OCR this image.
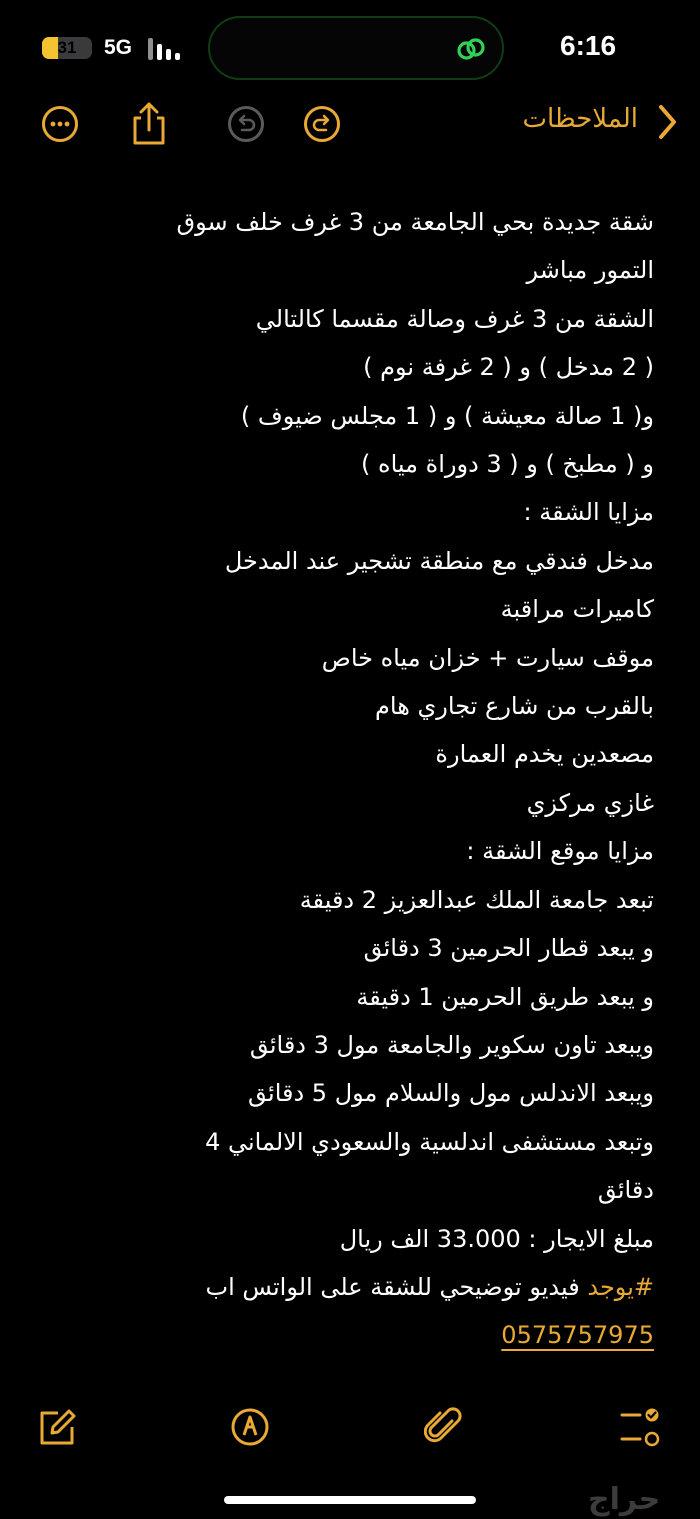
31	5G	6:16
الملاحظات
شقة جديدة بحي الجامعة من 3 غرف خلف سوق
التمور مباشر
الشقة من 3 غرف وصالة مقسما كالتالي
( 2 مدخل ) و ( 2 غرفة نوم )
و( 1 صالة معيشة ) و ( 1 مجلس ضيوف )
و ( مطبخ ) و ( 3 دوراة مياه )
مزايا الشقة :
مدخل فندقي مع منطقة تشجير عند المدخل
كاميرات مراقبة
موقف سيارت + خزان مياه خاص
بالقرب من شارع تجاري هام
مصعدين يخدم العمارة
غازي مركزي
مزايا موقع الشقة :
تبعد جامعة الملك عبدالعزيز 2 دقيقة
و يبعد قطار الحرمين 3 دقائق
و يبعد طريق الحرمين 1 دقيقة
ويبعد تاون سكوير والجامعة مول 3 دقائق
ويبعد الاندلس مول والسلام مول 5 دقائق
وتبعد مستشفى اندلسية والسعودي الالماني 4
دقائق
مبلغ الايجار : 33.000 الف ريال
#يوجد فيديو توضيحي للشقة على الواتس اب
0575757975
حراج
